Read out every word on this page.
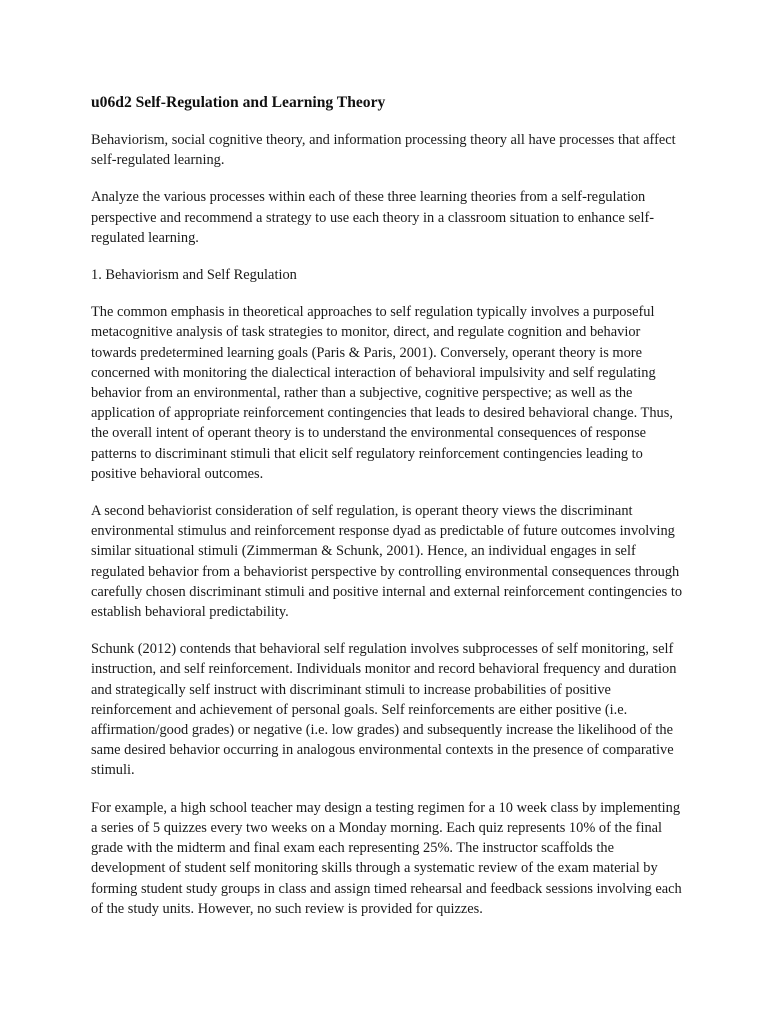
u06d2 Self-Regulation and Learning Theory

Behaviorism, social cognitive theory, and information processing theory all have processes that affect self-regulated learning.

Analyze the various processes within each of these three learning theories from a self-regulation perspective and recommend a strategy to use each theory in a classroom situation to enhance self-regulated learning.

1. Behaviorism and Self Regulation

The common emphasis in theoretical approaches to self regulation typically involves a purposeful metacognitive analysis of task strategies to monitor, direct, and regulate cognition and behavior towards predetermined learning goals (Paris & Paris, 2001). Conversely, operant theory is more concerned with monitoring the dialectical interaction of behavioral impulsivity and self regulating behavior from an environmental, rather than a subjective, cognitive perspective; as well as the application of appropriate reinforcement contingencies that leads to desired behavioral change. Thus, the overall intent of operant theory is to understand the environmental consequences of response patterns to discriminant stimuli that elicit self regulatory reinforcement contingencies leading to positive behavioral outcomes.

A second behaviorist consideration of self regulation, is operant theory views the discriminant environmental stimulus and reinforcement response dyad as predictable of future outcomes involving similar situational stimuli (Zimmerman & Schunk, 2001). Hence, an individual engages in self regulated behavior from a behaviorist perspective by controlling environmental consequences through carefully chosen discriminant stimuli and positive internal and external reinforcement contingencies to establish behavioral predictability.

Schunk (2012) contends that behavioral self regulation involves subprocesses of self monitoring, self instruction, and self reinforcement. Individuals monitor and record behavioral frequency and duration and strategically self instruct with discriminant stimuli to increase probabilities of positive reinforcement and achievement of personal goals. Self reinforcements are either positive (i.e. affirmation/good grades) or negative (i.e. low grades) and subsequently increase the likelihood of the same desired behavior occurring in analogous environmental contexts in the presence of comparative stimuli.

For example, a high school teacher may design a testing regimen for a 10 week class by implementing a series of 5 quizzes every two weeks on a Monday morning. Each quiz represents 10% of the final grade with the midterm and final exam each representing 25%. The instructor scaffolds the development of student self monitoring skills through a systematic review of the exam material by forming student study groups in class and assign timed rehearsal and feedback sessions involving each of the study units. However, no such review is provided for quizzes.
